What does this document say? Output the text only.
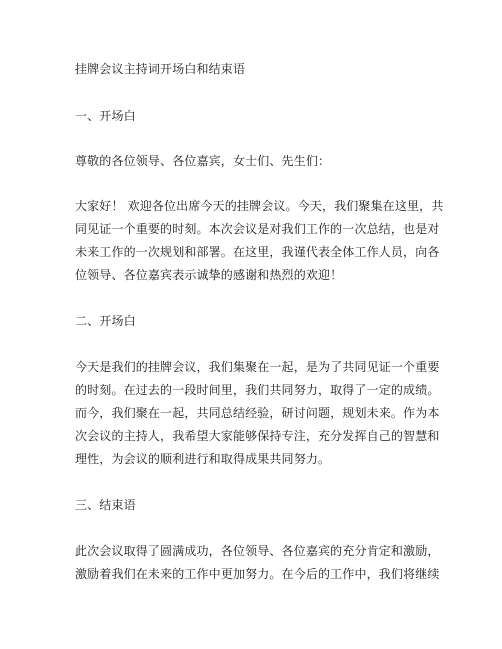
挂牌会议主持词开场白和结束语
一、开场白
尊敬的各位领导、各位嘉宾，女士们、先生们：
大家好！ 欢迎各位出席今天的挂牌会议。今天，我们聚集在这里，共
同见证一个重要的时刻。本次会议是对我们工作的一次总结，也是对
未来工作的一次规划和部署。在这里，我谨代表全体工作人员，向各
位领导、各位嘉宾表示诚挚的感谢和热烈的欢迎！
二、开场白
今天是我们的挂牌会议，我们集聚在一起，是为了共同见证一个重要
的时刻。在过去的一段时间里，我们共同努力，取得了一定的成绩。
而今，我们聚在一起，共同总结经验，研讨问题，规划未来。作为本
次会议的主持人，我希望大家能够保持专注，充分发挥自己的智慧和
理性，为会议的顺利进行和取得成果共同努力。
三、结束语
此次会议取得了圆满成功，各位领导、各位嘉宾的充分肯定和激励，
激励着我们在未来的工作中更加努力。在今后的工作中，我们将继续
